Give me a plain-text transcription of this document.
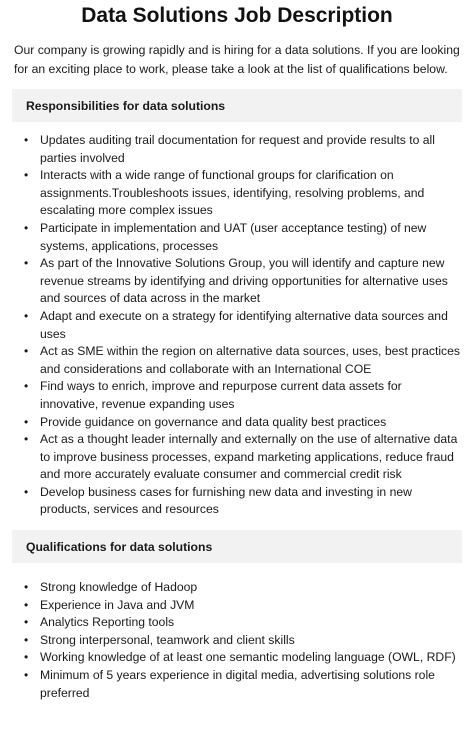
Data Solutions Job Description

Our company is growing rapidly and is hiring for a data solutions. If you are looking for an exciting place to work, please take a look at the list of qualifications below.

Responsibilities for data solutions
• Updates auditing trail documentation for request and provide results to all parties involved
• Interacts with a wide range of functional groups for clarification on assignments.Troubleshoots issues, identifying, resolving problems, and escalating more complex issues
• Participate in implementation and UAT (user acceptance testing) of new systems, applications, processes
• As part of the Innovative Solutions Group, you will identify and capture new revenue streams by identifying and driving opportunities for alternative uses and sources of data across in the market
• Adapt and execute on a strategy for identifying alternative data sources and uses
• Act as SME within the region on alternative data sources, uses, best practices and considerations and collaborate with an International COE
• Find ways to enrich, improve and repurpose current data assets for innovative, revenue expanding uses
• Provide guidance on governance and data quality best practices
• Act as a thought leader internally and externally on the use of alternative data to improve business processes, expand marketing applications, reduce fraud and more accurately evaluate consumer and commercial credit risk
• Develop business cases for furnishing new data and investing in new products, services and resources
Qualifications for data solutions
• Strong knowledge of Hadoop
• Experience in Java and JVM
• Analytics Reporting tools
• Strong interpersonal, teamwork and client skills
• Working knowledge of at least one semantic modeling language (OWL, RDF)
• Minimum of 5 years experience in digital media, advertising solutions role preferred
